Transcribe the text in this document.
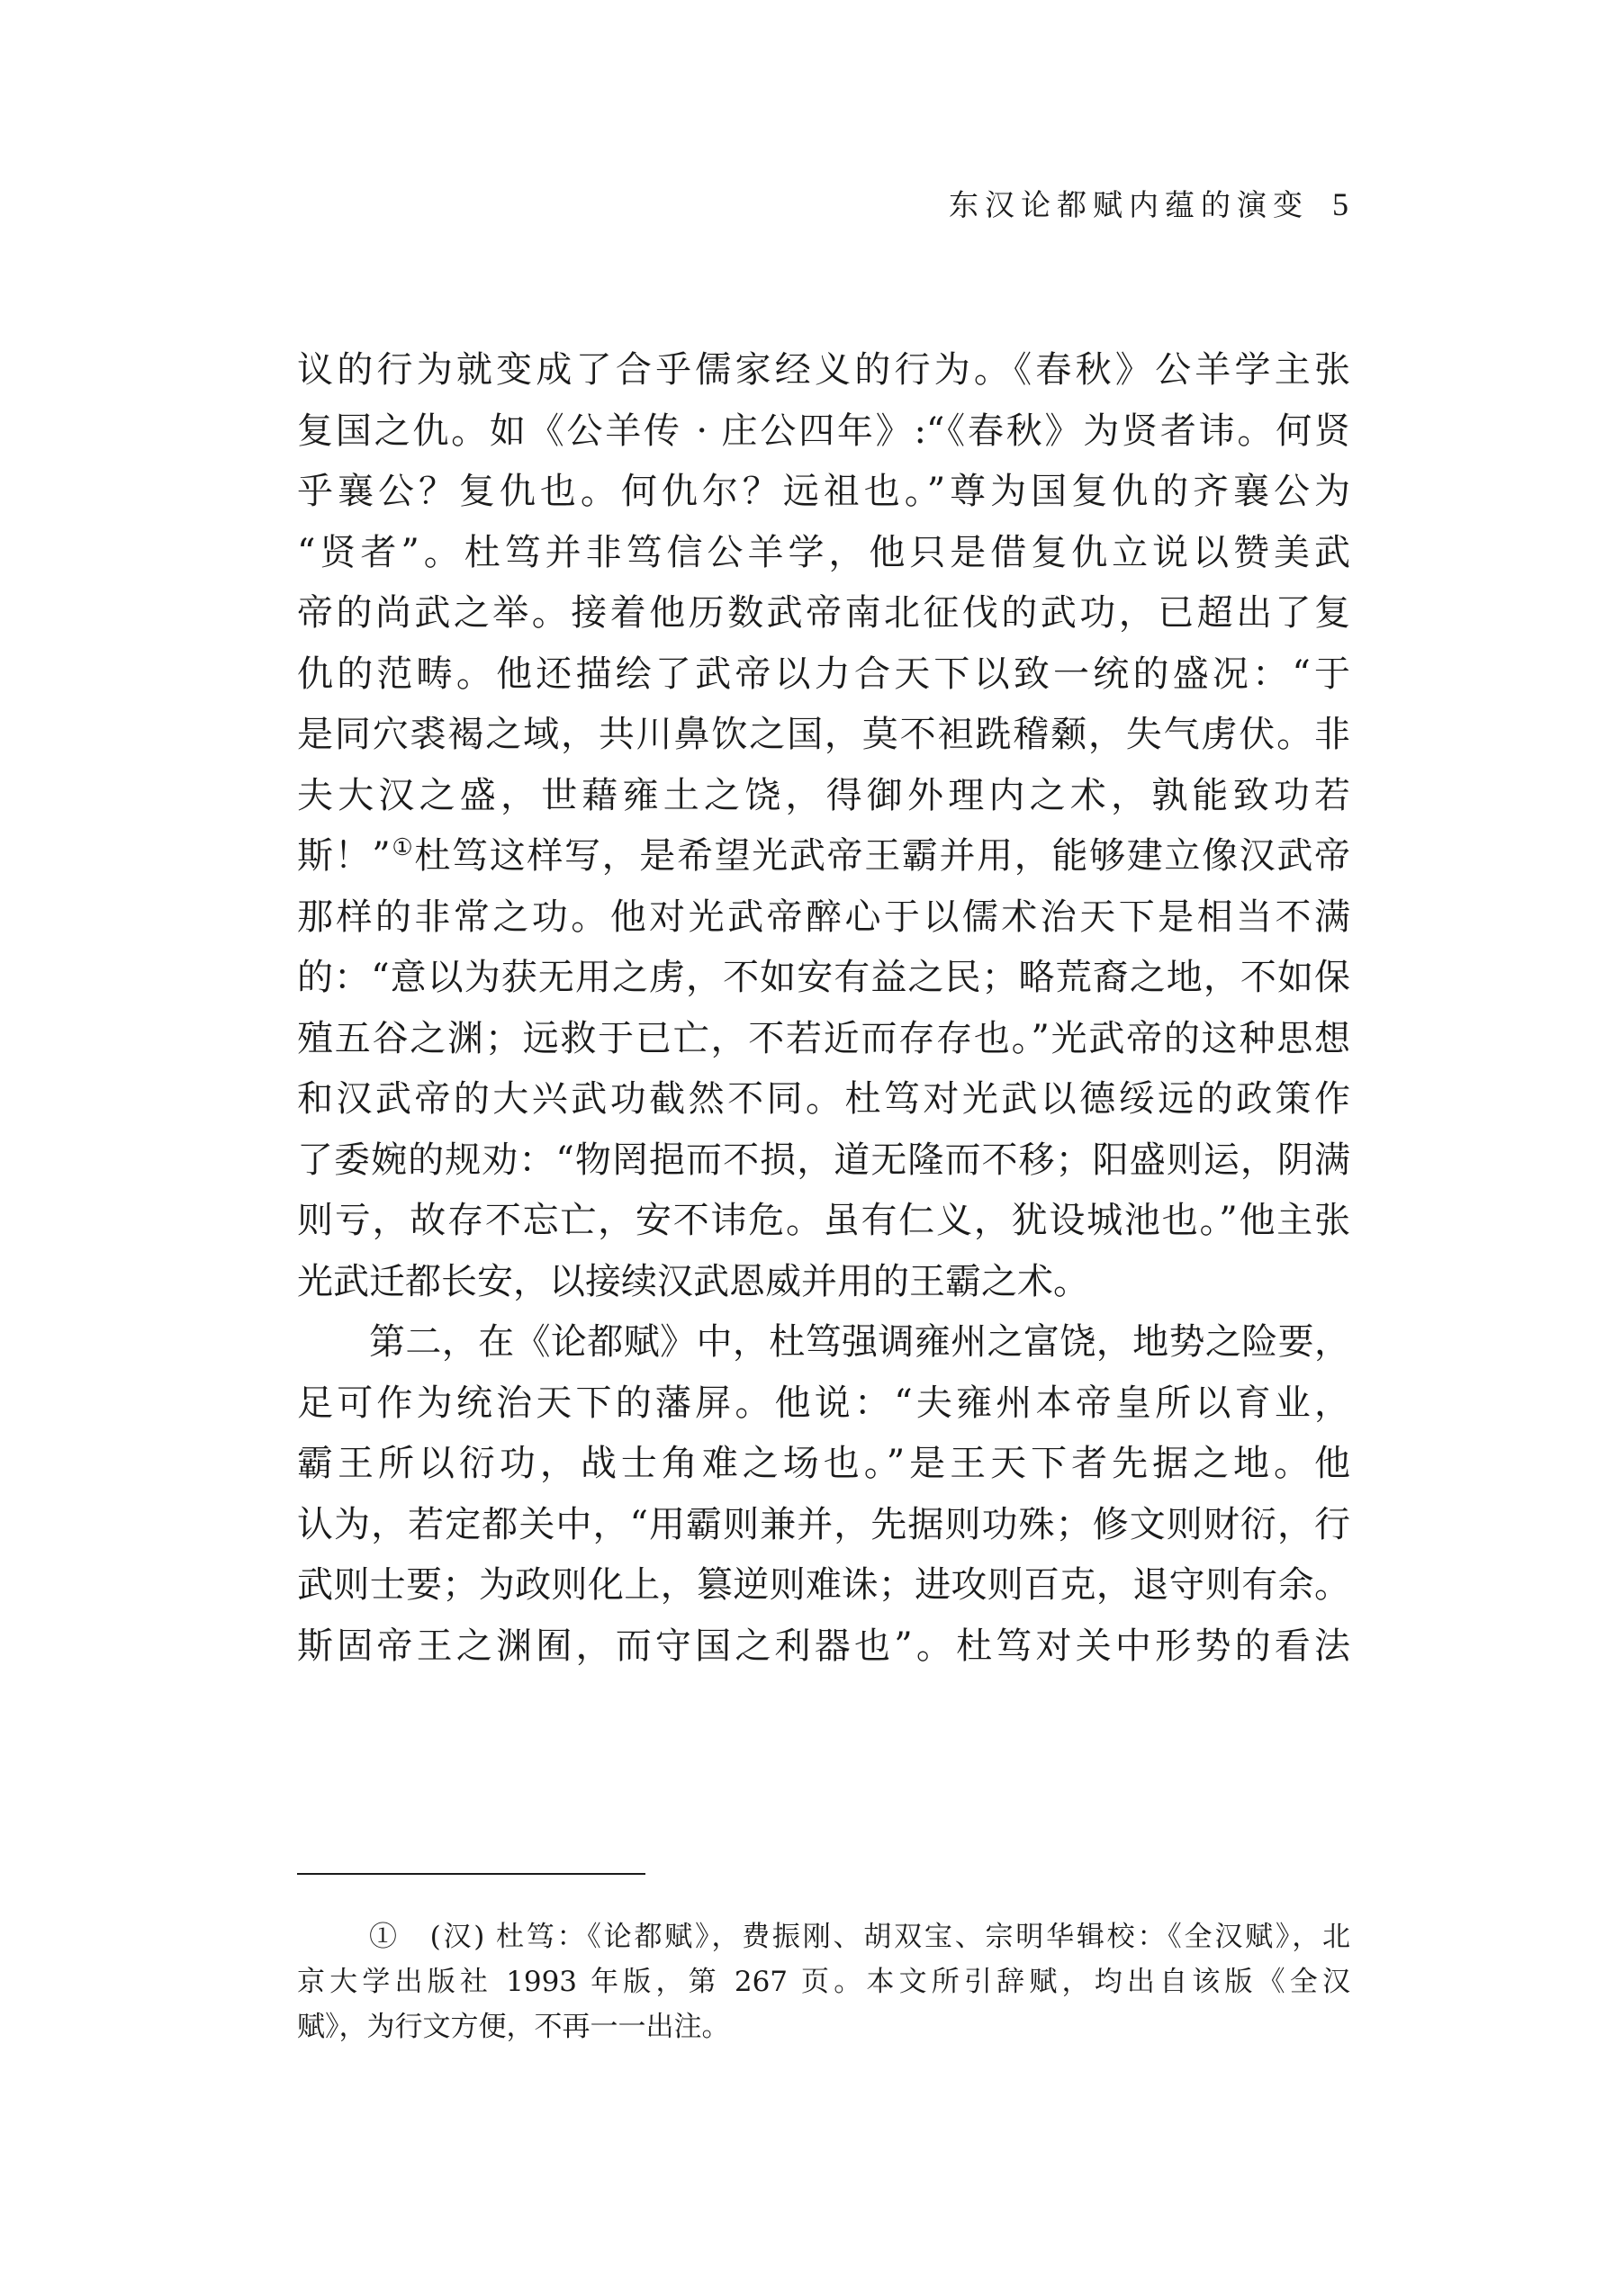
东汉论都赋内蕴的演变 5
议的行为就变成了合乎儒家经义的行为。《春秋》公羊学主张
复国之仇。如《公羊传 · 庄公四年》:“《春秋》为贤者讳。何贤
乎襄公？复仇也。何仇尔？远祖也。”尊为国复仇的齐襄公为
“贤者”。杜笃并非笃信公羊学，他只是借复仇立说以赞美武
帝的尚武之举。接着他历数武帝南北征伐的武功，已超出了复
仇的范畴。他还描绘了武帝以力合天下以致一统的盛况：“于
是同穴裘褐之域，共川鼻饮之国，莫不袒跣稽颡，失气虏伏。非
夫大汉之盛，世藉雍土之饶，得御外理内之术，孰能致功若
斯！”①杜笃这样写，是希望光武帝王霸并用，能够建立像汉武帝
那样的非常之功。他对光武帝醉心于以儒术治天下是相当不满
的：“意以为获无用之虏，不如安有益之民；略荒裔之地，不如保
殖五谷之渊；远救于已亡，不若近而存存也。”光武帝的这种思想
和汉武帝的大兴武功截然不同。杜笃对光武以德绥远的政策作
了委婉的规劝：“物罔挹而不损，道无隆而不移；阳盛则运，阴满
则亏，故存不忘亡，安不讳危。虽有仁义，犹设城池也。”他主张
光武迁都长安，以接续汉武恩威并用的王霸之术。
第二，在《论都赋》中，杜笃强调雍州之富饶，地势之险要，
足可作为统治天下的藩屏。他说：“夫雍州本帝皇所以育业，
霸王所以衍功，战士角难之场也。”是王天下者先据之地。他
认为，若定都关中，“用霸则兼并，先据则功殊；修文则财衍，行
武则士要；为政则化上，篡逆则难诛；进攻则百克，退守则有余。
斯固帝王之渊囿，而守国之利器也”。杜笃对关中形势的看法
①　(汉) 杜笃：《论都赋》，费振刚、胡双宝、宗明华辑校：《全汉赋》，北
京大学出版社 1993 年版，第 267 页。本文所引辞赋，均出自该版《全汉
赋》，为行文方便，不再一一出注。
